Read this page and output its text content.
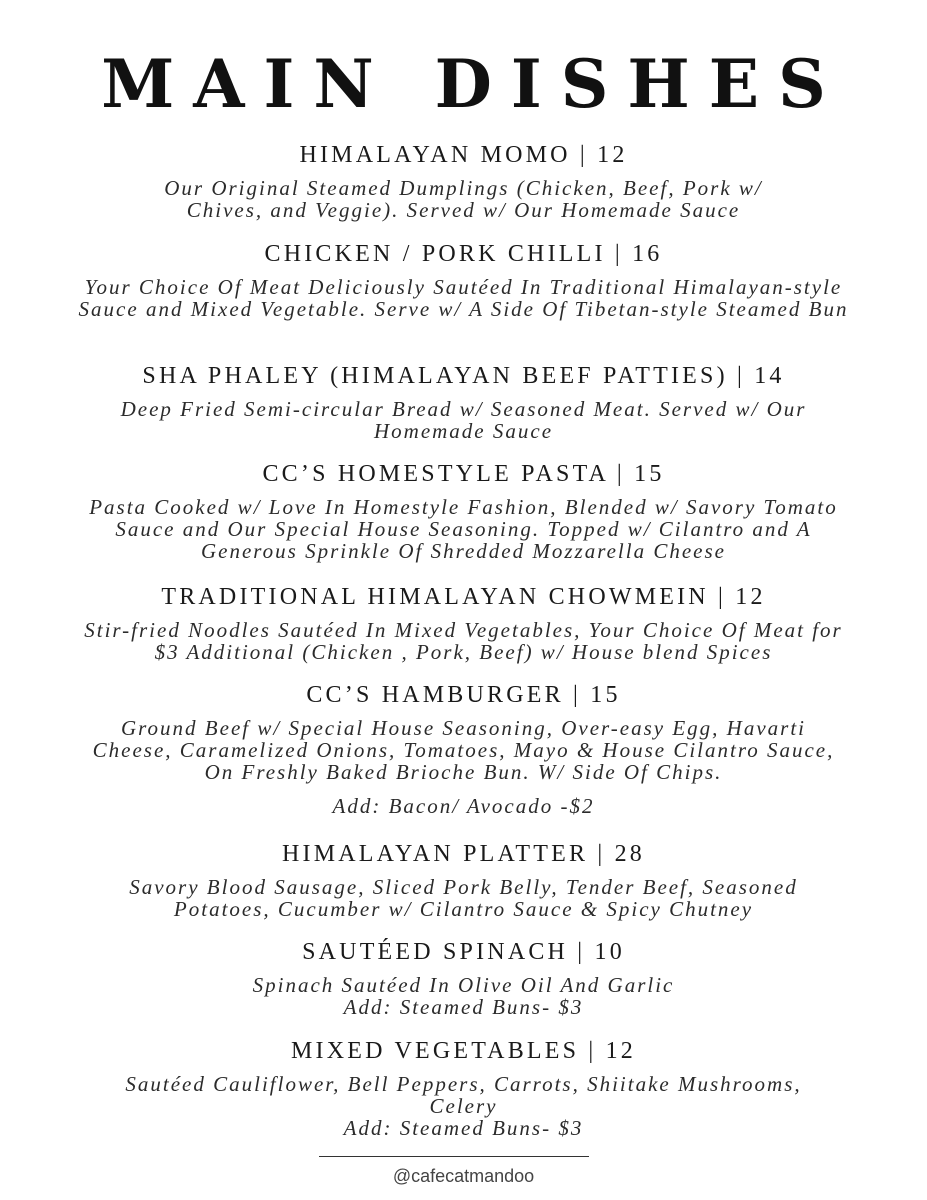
MAIN DISHES
HIMALAYAN MOMO | 12
Our Original Steamed Dumplings (Chicken, Beef, Pork w/ Chives, and Veggie). Served w/ Our Homemade Sauce
CHICKEN / PORK CHILLI | 16
Your Choice Of Meat Deliciously Sautéed In Traditional Himalayan-style Sauce and Mixed Vegetable. Serve w/ A Side Of Tibetan-style Steamed Bun
SHA PHALEY (HIMALAYAN BEEF PATTIES) | 14
Deep Fried Semi-circular Bread w/ Seasoned Meat. Served w/ Our Homemade Sauce
CC’S HOMESTYLE PASTA | 15
Pasta Cooked w/ Love In Homestyle Fashion, Blended w/ Savory Tomato Sauce and Our Special House Seasoning. Topped w/ Cilantro and A Generous Sprinkle Of Shredded Mozzarella Cheese
TRADITIONAL HIMALAYAN CHOWMEIN | 12
Stir-fried Noodles Sautéed In Mixed Vegetables, Your Choice Of Meat for $3 Additional (Chicken , Pork, Beef) w/ House blend Spices
CC’S HAMBURGER | 15
Ground Beef w/ Special House Seasoning, Over-easy Egg, Havarti Cheese, Caramelized Onions, Tomatoes, Mayo & House Cilantro Sauce, On Freshly Baked Brioche Bun. W/ Side Of Chips.
Add: Bacon/ Avocado -$2
HIMALAYAN PLATTER | 28
Savory Blood Sausage, Sliced Pork Belly, Tender Beef, Seasoned Potatoes, Cucumber w/ Cilantro Sauce & Spicy Chutney
SAUTÉED SPINACH | 10
Spinach Sautéed In Olive Oil And Garlic
Add: Steamed Buns- $3
MIXED VEGETABLES | 12
Sautéed Cauliflower, Bell Peppers, Carrots, Shiitake Mushrooms, Celery
Add: Steamed Buns- $3
@cafecatmandoo
